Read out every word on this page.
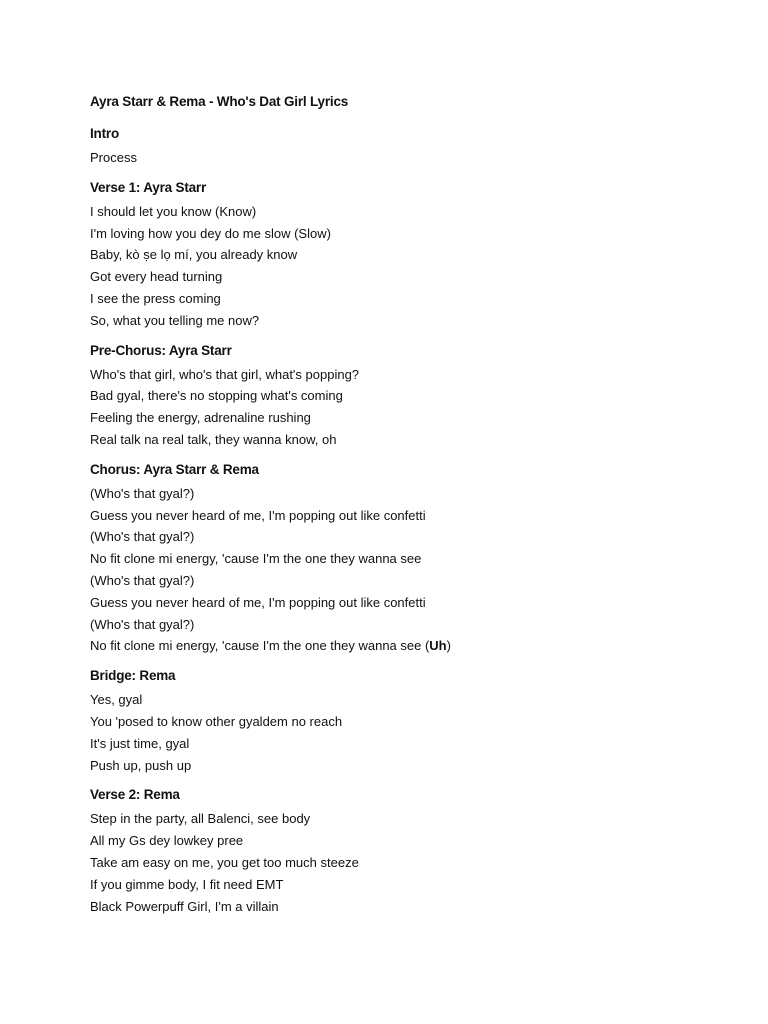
Ayra Starr & Rema - Who's Dat Girl Lyrics
Intro
Process
Verse 1: Ayra Starr
I should let you know (Know)
I'm loving how you dey do me slow (Slow)
Baby, kò ṣe lọ mí, you already know
Got every head turning
I see the press coming
So, what you telling me now?
Pre-Chorus: Ayra Starr
Who's that girl, who's that girl, what's popping?
Bad gyal, there's no stopping what's coming
Feeling the energy, adrenaline rushing
Real talk na real talk, they wanna know, oh
Chorus: Ayra Starr & Rema
(Who's that gyal?)
Guess you never heard of me, I'm popping out like confetti
(Who's that gyal?)
No fit clone mi energy, 'cause I'm the one they wanna see
(Who's that gyal?)
Guess you never heard of me, I'm popping out like confetti
(Who's that gyal?)
No fit clone mi energy, 'cause I'm the one they wanna see (Uh)
Bridge: Rema
Yes, gyal
You 'posed to know other gyaldem no reach
It's just time, gyal
Push up, push up
Verse 2: Rema
Step in the party, all Balenci, see body
All my Gs dey lowkey pree
Take am easy on me, you get too much steeze
If you gimme body, I fit need EMT
Black Powerpuff Girl, I'm a villain
